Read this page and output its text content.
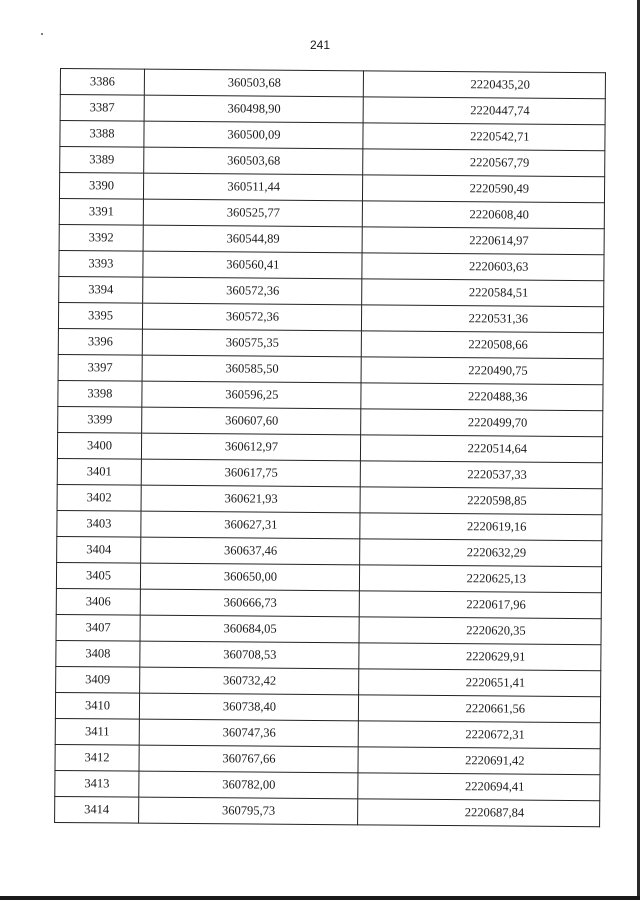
241
3386	360503,68	2220435,20
3387	360498,90	2220447,74
3388	360500,09	2220542,71
3389	360503,68	2220567,79
3390	360511,44	2220590,49
3391	360525,77	2220608,40
3392	360544,89	2220614,97
3393	360560,41	2220603,63
3394	360572,36	2220584,51
3395	360572,36	2220531,36
3396	360575,35	2220508,66
3397	360585,50	2220490,75
3398	360596,25	2220488,36
3399	360607,60	2220499,70
3400	360612,97	2220514,64
3401	360617,75	2220537,33
3402	360621,93	2220598,85
3403	360627,31	2220619,16
3404	360637,46	2220632,29
3405	360650,00	2220625,13
3406	360666,73	2220617,96
3407	360684,05	2220620,35
3408	360708,53	2220629,91
3409	360732,42	2220651,41
3410	360738,40	2220661,56
3411	360747,36	2220672,31
3412	360767,66	2220691,42
3413	360782,00	2220694,41
3414	360795,73	2220687,84
